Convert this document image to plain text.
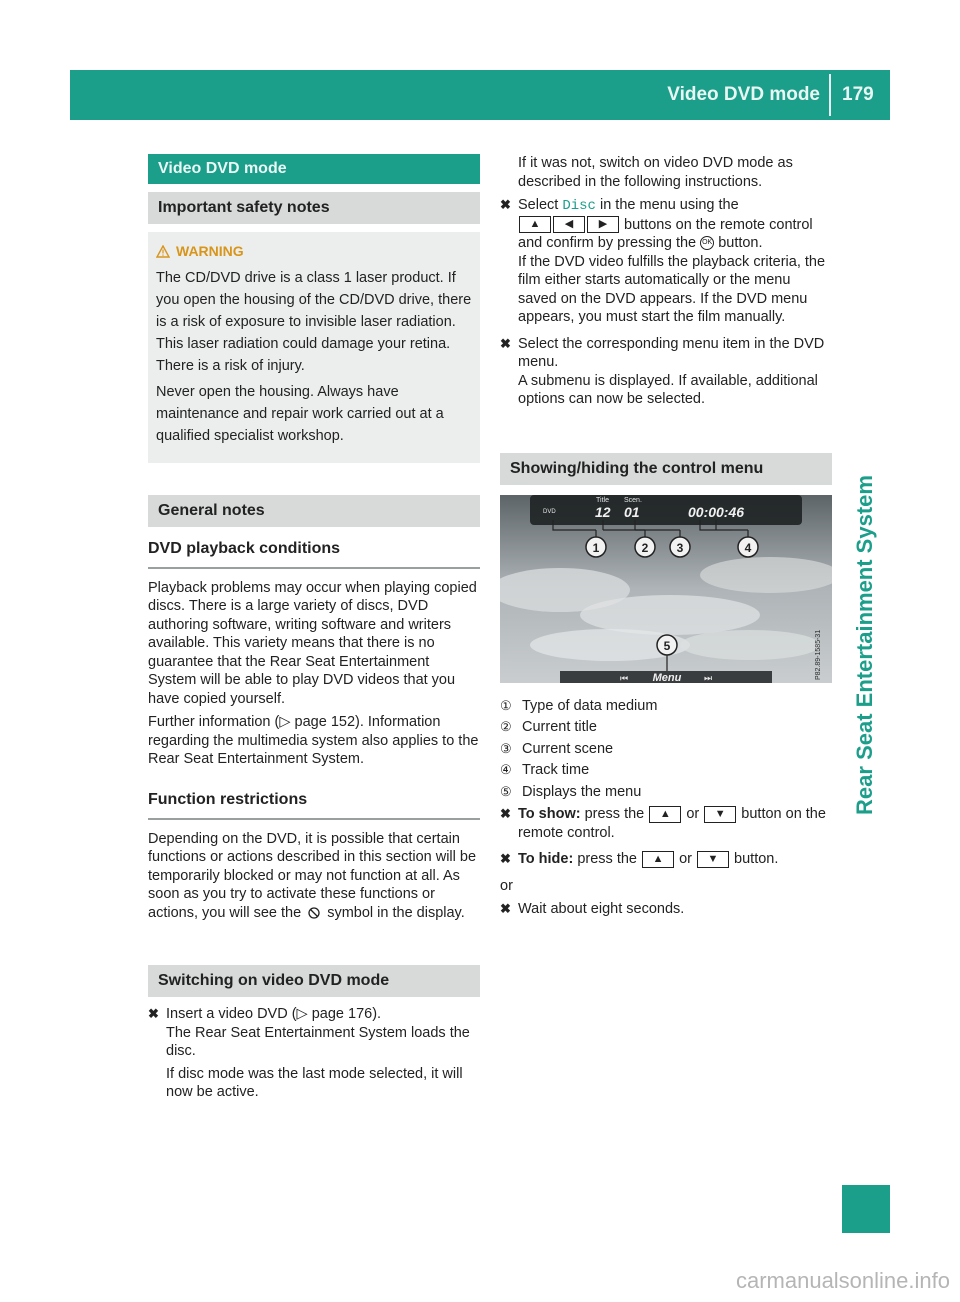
Video DVD mode 179
Rear Seat Entertainment System
Video DVD mode
Important safety notes
WARNING

The CD/DVD drive is a class 1 laser product. If you open the housing of the CD/DVD drive, there is a risk of exposure to invisible laser radiation. This laser radiation could damage your retina. There is a risk of injury.

Never open the housing. Always have maintenance and repair work carried out at a qualified specialist workshop.

General notes
DVD playback conditions

Playback problems may occur when playing copied discs. There is a large variety of discs, DVD authoring software, writing software and writers available. This variety means that there is no guarantee that the Rear Seat Entertainment System will be able to play DVD videos that you have copied yourself.

Further information (▷ page 152). Information regarding the multimedia system also applies to the Rear Seat Entertainment System.

Function restrictions

Depending on the DVD, it is possible that certain functions or actions described in this section will be temporarily blocked or may not function at all. As soon as you try to activate these functions or actions, you will see the symbol in the display.

Switching on video DVD mode
✖ Insert a video DVD (▷ page 176).

The Rear Seat Entertainment System loads the disc.

If disc mode was the last mode selected, it will now be active.

If it was not, switch on video DVD mode as described in the following instructions.

✖ Select Disc in the menu using the

▲ ◀ ▶ buttons on the remote control and confirm by pressing the OK button.

If the DVD video fulfills the playback criteria, the film either starts automatically or the menu saved on the DVD appears. If the DVD menu appears, you must start the film manually.

✖ Select the corresponding menu item in the DVD menu.

A submenu is displayed. If available, additional options can now be selected.

Showing/hiding the control menu
Title Scen.
DVD	12 01	00:00:46
1	2 3	4
5
⏮ Menu	⏭	P82.89-1585-31
① Type of data medium
② Current title
③ Current scene
④ Track time
⑤ Displays the menu
✖ To show: press the ▲ or ▼ button on the remote control.

✖ To hide: press the ▲ or ▼ button.

or

✖ Wait about eight seconds.

carmanualsonline.info
